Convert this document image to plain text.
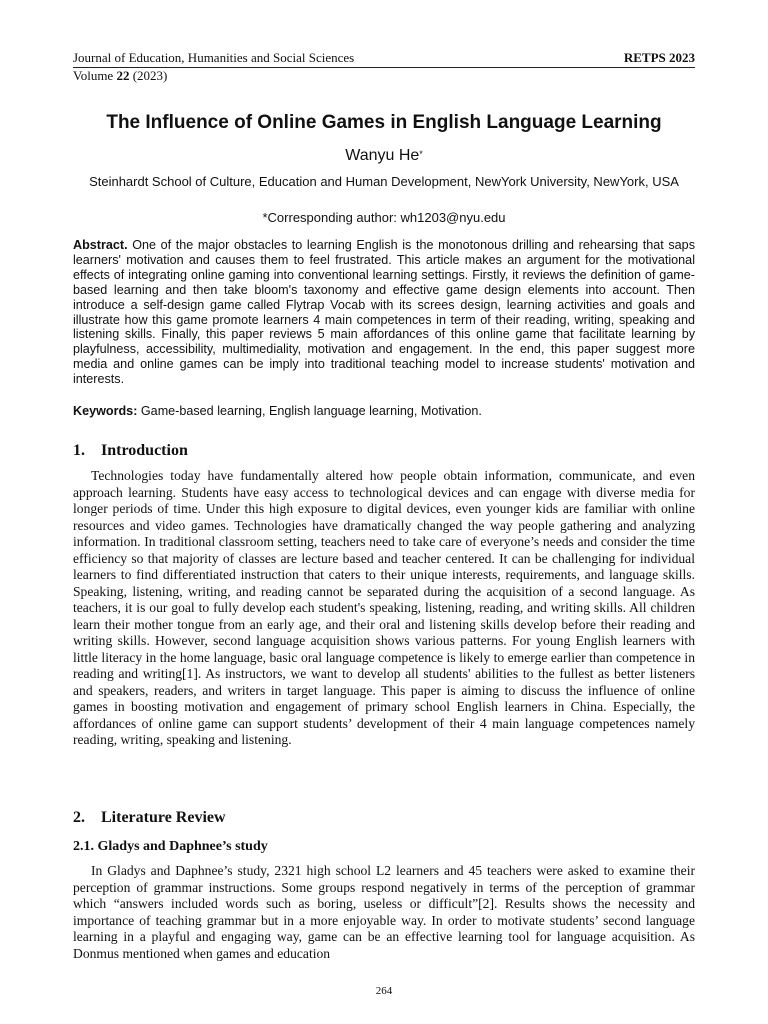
Journal of Education, Humanities and Social Sciences	RETPS 2023
Volume 22 (2023)
The Influence of Online Games in English Language Learning
Wanyu He*
Steinhardt School of Culture, Education and Human Development, NewYork University, NewYork, USA
*Corresponding author: wh1203@nyu.edu
Abstract. One of the major obstacles to learning English is the monotonous drilling and rehearsing that saps learners' motivation and causes them to feel frustrated. This article makes an argument for the motivational effects of integrating online gaming into conventional learning settings. Firstly, it reviews the definition of game-based learning and then take bloom's taxonomy and effective game design elements into account. Then introduce a self-design game called Flytrap Vocab with its screes design, learning activities and goals and illustrate how this game promote learners 4 main competences in term of their reading, writing, speaking and listening skills. Finally, this paper reviews 5 main affordances of this online game that facilitate learning by playfulness, accessibility, multimediality, motivation and engagement. In the end, this paper suggest more media and online games can be imply into traditional teaching model to increase students' motivation and interests.
Keywords: Game-based learning, English language learning, Motivation.
1. Introduction
Technologies today have fundamentally altered how people obtain information, communicate, and even approach learning. Students have easy access to technological devices and can engage with diverse media for longer periods of time. Under this high exposure to digital devices, even younger kids are familiar with online resources and video games. Technologies have dramatically changed the way people gathering and analyzing information. In traditional classroom setting, teachers need to take care of everyone’s needs and consider the time efficiency so that majority of classes are lecture based and teacher centered. It can be challenging for individual learners to find differentiated instruction that caters to their unique interests, requirements, and language skills. Speaking, listening, writing, and reading cannot be separated during the acquisition of a second language. As teachers, it is our goal to fully develop each student's speaking, listening, reading, and writing skills. All children learn their mother tongue from an early age, and their oral and listening skills develop before their reading and writing skills. However, second language acquisition shows various patterns. For young English learners with little literacy in the home language, basic oral language competence is likely to emerge earlier than competence in reading and writing[1]. As instructors, we want to develop all students' abilities to the fullest as better listeners and speakers, readers, and writers in target language. This paper is aiming to discuss the influence of online games in boosting motivation and engagement of primary school English learners in China. Especially, the affordances of online game can support students’ development of their 4 main language competences namely reading, writing, speaking and listening.
2. Literature Review
2.1. Gladys and Daphnee’s study
In Gladys and Daphnee’s study, 2321 high school L2 learners and 45 teachers were asked to examine their perception of grammar instructions. Some groups respond negatively in terms of the perception of grammar which “answers included words such as boring, useless or difficult”[2]. Results shows the necessity and importance of teaching grammar but in a more enjoyable way. In order to motivate students’ second language learning in a playful and engaging way, game can be an effective learning tool for language acquisition. As Donmus mentioned when games and education
264
